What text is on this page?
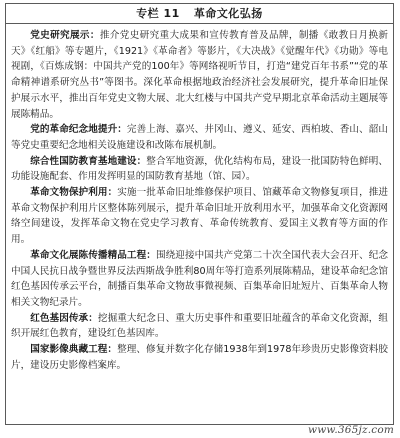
专栏 11 革命文化弘扬

党史研究展示：推介党史研究重大成果和宣传教育普及品牌，制播《敢教日月换新天》《红船》等专题片，《1921》《革命者》等影片，《大决战》《觉醒年代》《功勋》等电视剧，《百炼成钢：中国共产党的100年》等网络视听节目，打造“建党百年书系”“党的革命精神谱系研究丛书”等图书。深化革命根据地政治经济社会发展研究，提升革命旧址保护展示水平，推出百年党史文物大展、北大红楼与中国共产党早期北京革命活动主题展等展陈精品。

党的革命纪念地提升：完善上海、嘉兴、井冈山、遵义、延安、西柏坡、香山、韶山等党史重要纪念地相关设施建设和改陈布展机制。

综合性国防教育基地建设：整合军地资源，优化结构布局，建设一批国防特色鲜明、功能设施配套、作用发挥明显的国防教育基地（馆、园）。

革命文物保护利用：实施一批革命旧址维修保护项目、馆藏革命文物修复项目，推进革命文物保护利用片区整体陈列展示，提升革命旧址开放利用水平，加强革命文化资源网络空间建设，发挥革命文物在党史学习教育、革命传统教育、爱国主义教育等方面的作用。

革命文化展陈传播精品工程：围绕迎接中国共产党第二十次全国代表大会召开、纪念中国人民抗日战争暨世界反法西斯战争胜利80周年等打造系列展陈精品，建设革命纪念馆红色基因传承云平台，制播百集革命文物故事微视频、百集革命旧址短片、百集革命人物相关文物纪录片。

红色基因传承：挖掘重大纪念日、重大历史事件和重要旧址蕴含的革命文化资源，组织开展红色教育，建设红色基因库。

国家影像典藏工程：整理、修复并数字化存储1938年到1978年珍贵历史影像资料胶片，建设历史影像档案库。

www.365jz.com
